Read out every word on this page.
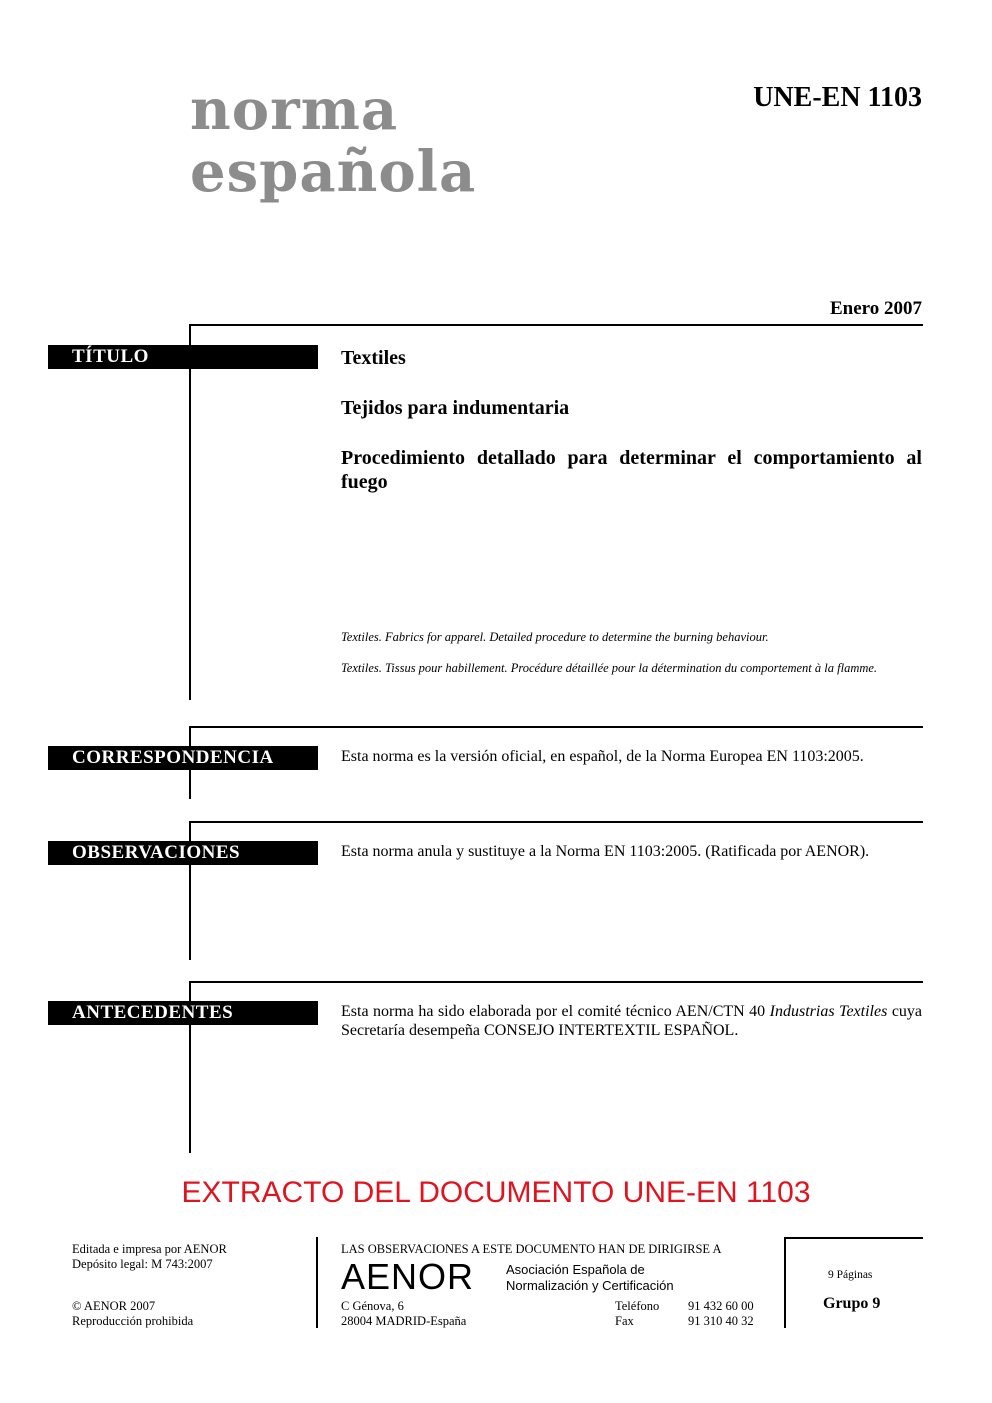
norma
española
UNE-EN 1103
Enero 2007
TÍTULO	Textiles
Tejidos para indumentaria
Procedimiento detallado para determinar el comportamiento al fuego
Textiles. Fabrics for apparel. Detailed procedure to determine the burning behaviour.
Textiles. Tissus pour habillement. Procédure détaillée pour la détermination du comportement à la flamme.
CORRESPONDENCIA	Esta norma es la versión oficial, en español, de la Norma Europea EN 1103:2005.
OBSERVACIONES	Esta norma anula y sustituye a la Norma EN 1103:2005. (Ratificada por AENOR).
ANTECEDENTES	Esta norma ha sido elaborada por el comité técnico AEN/CTN 40 Industrias Textiles cuya Secretaría desempeña CONSEJO INTERTEXTIL ESPAÑOL.
EXTRACTO DEL DOCUMENTO UNE-EN 1103
Editada e impresa por AENOR
Depósito legal: M 743:2007
© AENOR 2007
Reproducción prohibida
LAS OBSERVACIONES A ESTE DOCUMENTO HAN DE DIRIGIRSE A
AENOR Asociación Española de
Normalización y Certificación
C Génova, 6
28004 MADRID-España
Teléfono 91 432 60 00
Fax	91 310 40 32
9 Páginas
Grupo 9
